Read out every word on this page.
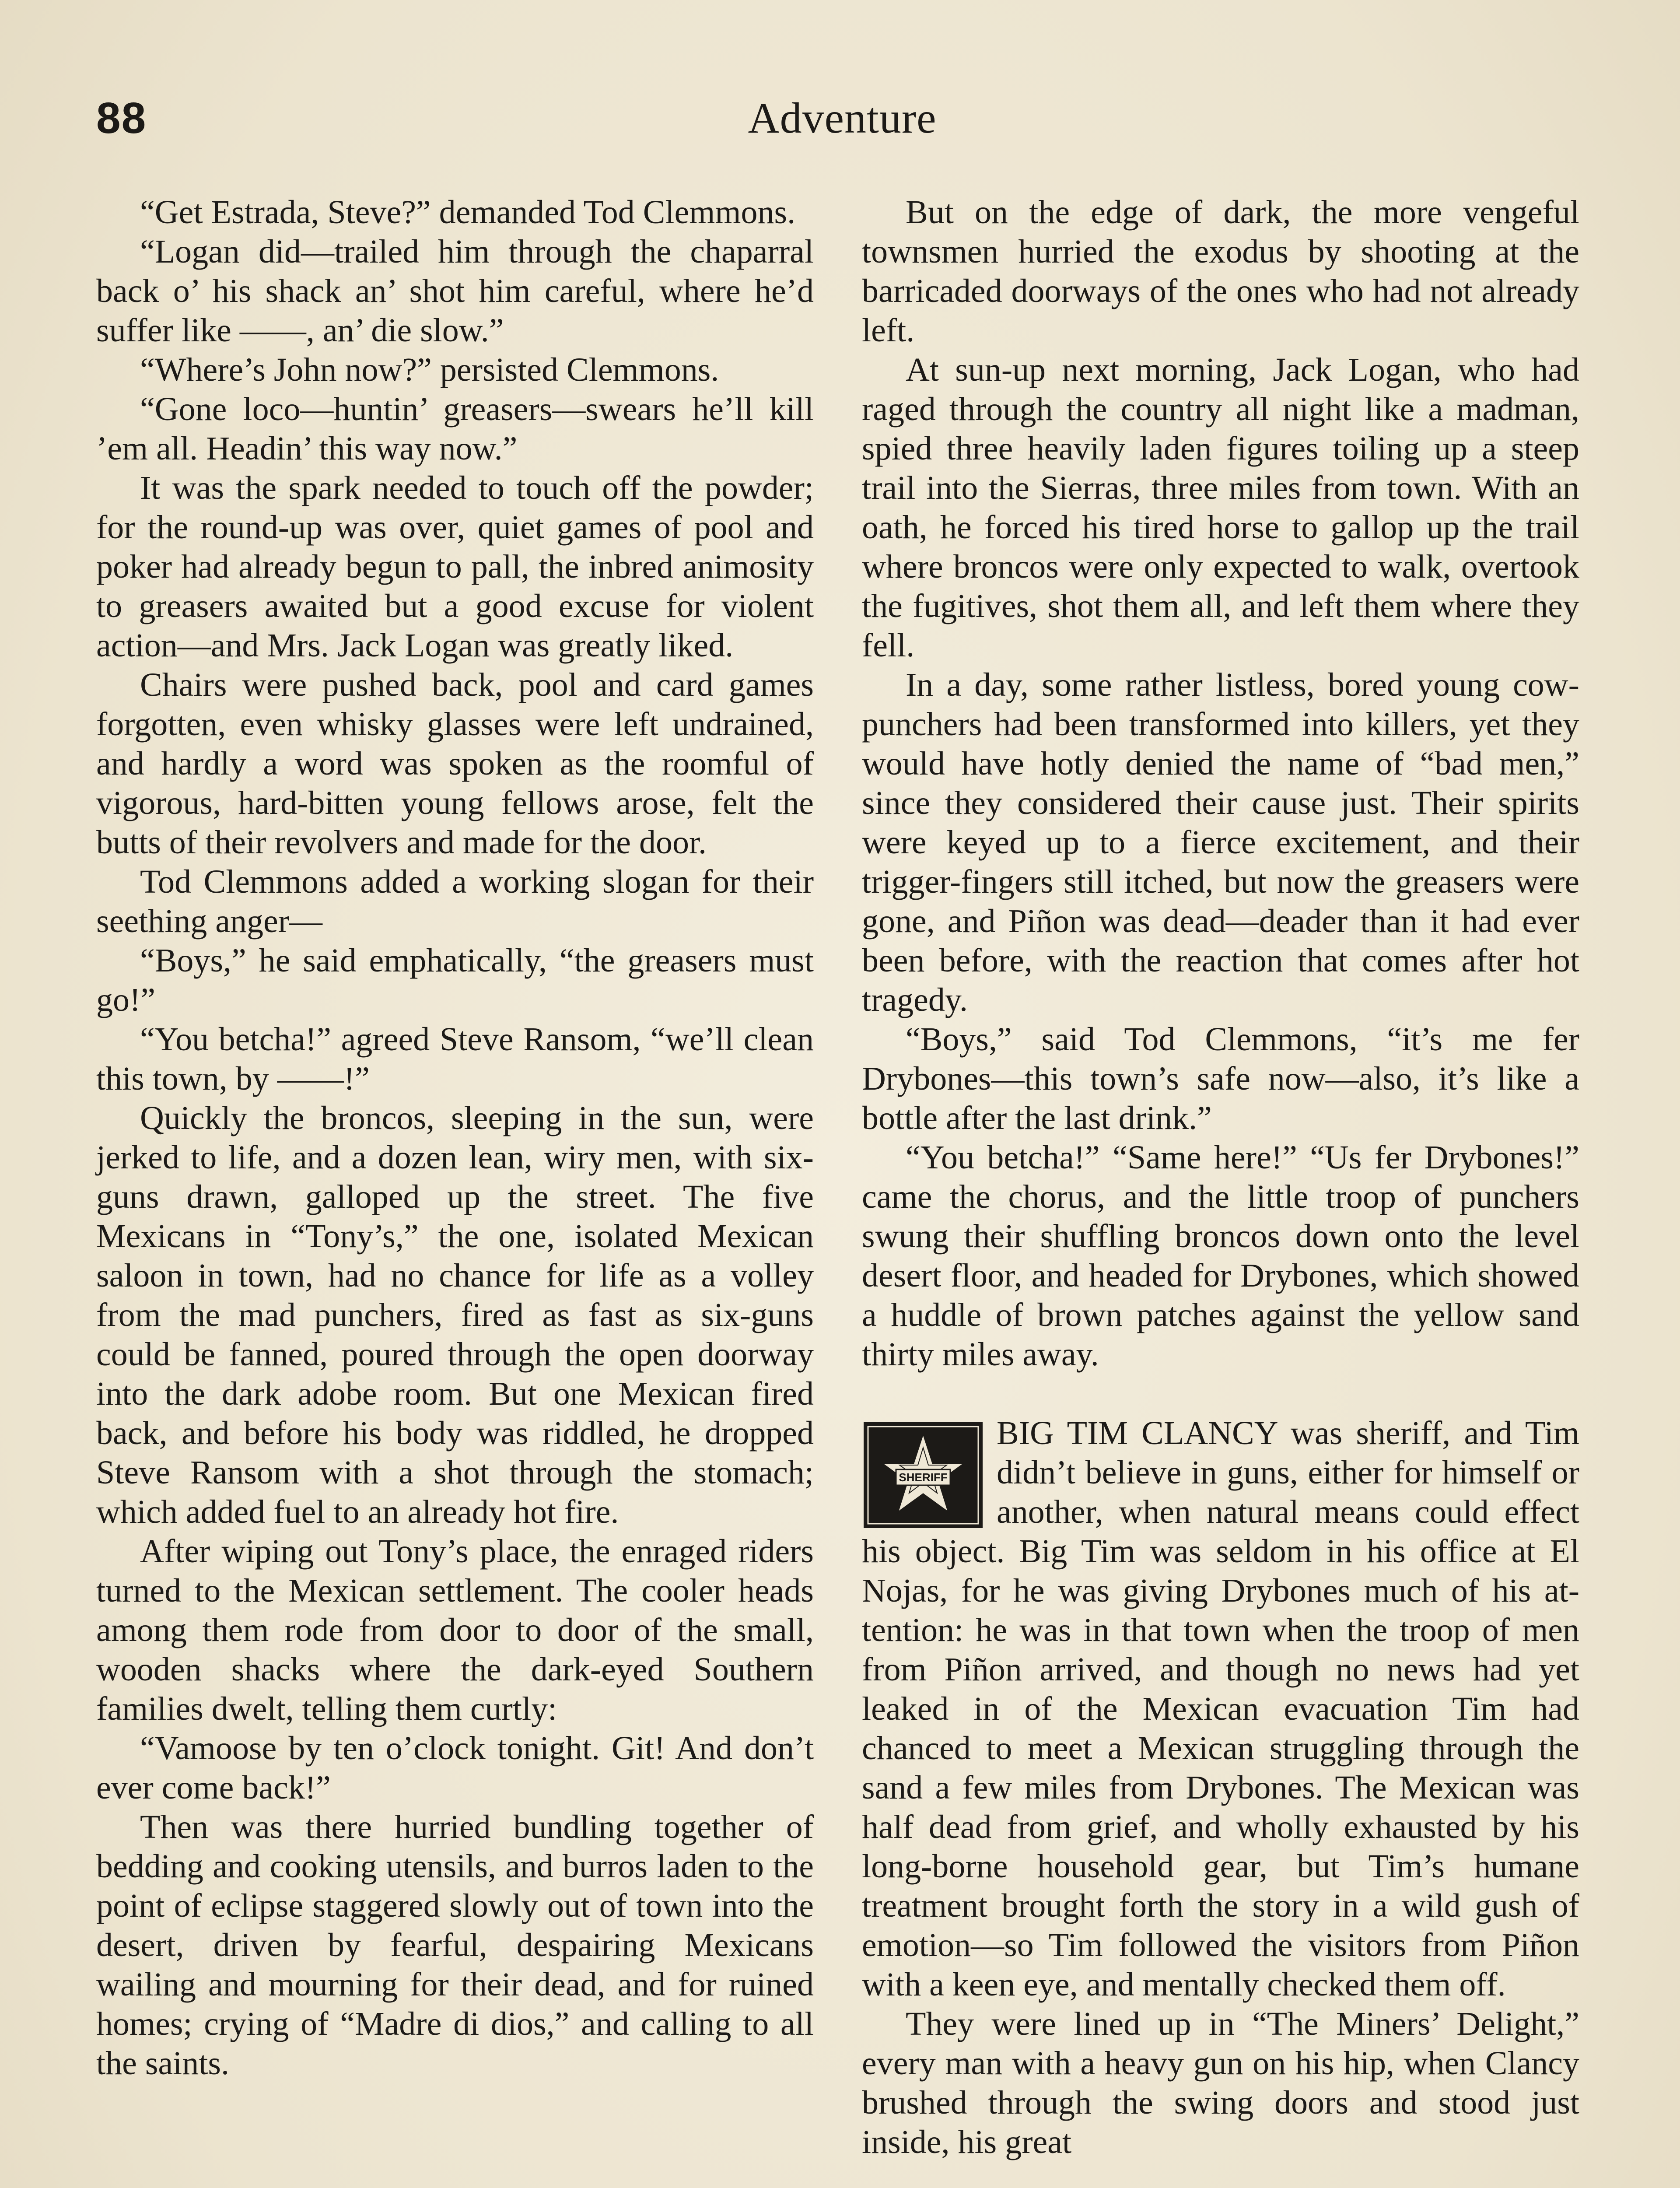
88	Adventure

“Get Estrada, Steve?” demanded Tod Clemmons.

“Logan did—trailed him through the chaparral back o’ his shack an’ shot him careful, where he’d suffer like ——, an’ die slow.”

“Where’s John now?” persisted Clemmons.

“Gone loco—huntin’ greasers—swears he’ll kill ’em all. Headin’ this way now.”

It was the spark needed to touch off the powder; for the round-up was over, quiet games of pool and poker had already begun to pall, the inbred animosity to greasers awaited but a good excuse for violent action—and Mrs. Jack Logan was greatly liked.

Chairs were pushed back, pool and card games forgotten, even whisky glasses were left undrained, and hardly a word was spoken as the roomful of vigorous, hard-bitten young fellows arose, felt the butts of their revolvers and made for the door.

Tod Clemmons added a working slogan for their seething anger—

“Boys,” he said emphatically, “the greasers must go!”

“You betcha!” agreed Steve Ransom, “we’ll clean this town, by ——!”

Quickly the broncos, sleeping in the sun, were jerked to life, and a dozen lean, wiry men, with six-guns drawn, galloped up the street. The five Mexicans in “Tony’s,” the one, isolated Mexican saloon in town, had no chance for life as a volley from the mad punchers, fired as fast as six-guns could be fanned, poured through the open doorway into the dark adobe room. But one Mexican fired back, and before his body was riddled, he dropped Steve Ransom with a shot through the stomach; which added fuel to an already hot fire.

After wiping out Tony’s place, the enraged riders turned to the Mexican settlement. The cooler heads among them rode from door to door of the small, wooden shacks where the dark-eyed Southern families dwelt, telling them curtly:

“Vamoose by ten o’clock tonight. Git! And don’t ever come back!”

Then was there hurried bundling together of bedding and cooking utensils, and burros laden to the point of eclipse staggered slowly out of town into the desert, driven by fearful, despairing Mexicans wailing and mourning for their dead, and for ruined homes; crying of “Madre di dios,” and calling to all the saints.

But on the edge of dark, the more vengeful townsmen hurried the exodus by shooting at the barricaded doorways of the ones who had not already left.

At sun-up next morning, Jack Logan, who had raged through the country all night like a madman, spied three heavily laden figures toiling up a steep trail into the Sierras, three miles from town. With an oath, he forced his tired horse to gallop up the trail where broncos were only expected to walk, overtook the fugitives, shot them all, and left them where they fell.

In a day, some rather listless, bored young cow-punchers had been transformed into killers, yet they would have hotly denied the name of “bad men,” since they considered their cause just. Their spirits were keyed up to a fierce excitement, and their trigger-fingers still itched, but now the greasers were gone, and Piñon was dead—deader than it had ever been before, with the reaction that comes after hot tragedy.

“Boys,” said Tod Clemmons, “it’s me fer Drybones—this town’s safe now—also, it’s like a bottle after the last drink.”

“You betcha!” “Same here!” “Us fer Drybones!” came the chorus, and the little troop of punchers swung their shuffling broncos down onto the level desert floor, and headed for Drybones, which showed a huddle of brown patches against the yellow sand thirty miles away.

SHERIFF

BIG TIM CLANCY was sheriff, and Tim didn’t believe in guns, either for himself or another, when natural means could effect his object. Big Tim was seldom in his office at El Nojas, for he was giving Drybones much of his attention: he was in that town when the troop of men from Piñon arrived, and though no news had yet leaked in of the Mexican evacuation Tim had chanced to meet a Mexican struggling through the sand a few miles from Drybones. The Mexican was half dead from grief, and wholly exhausted by his long-borne household gear, but Tim’s humane treatment brought forth the story in a wild gush of emotion—so Tim followed the visitors from Piñon with a keen eye, and mentally checked them off.

They were lined up in “The Miners’ Delight,” every man with a heavy gun on his hip, when Clancy brushed through the swing doors and stood just inside, his great
